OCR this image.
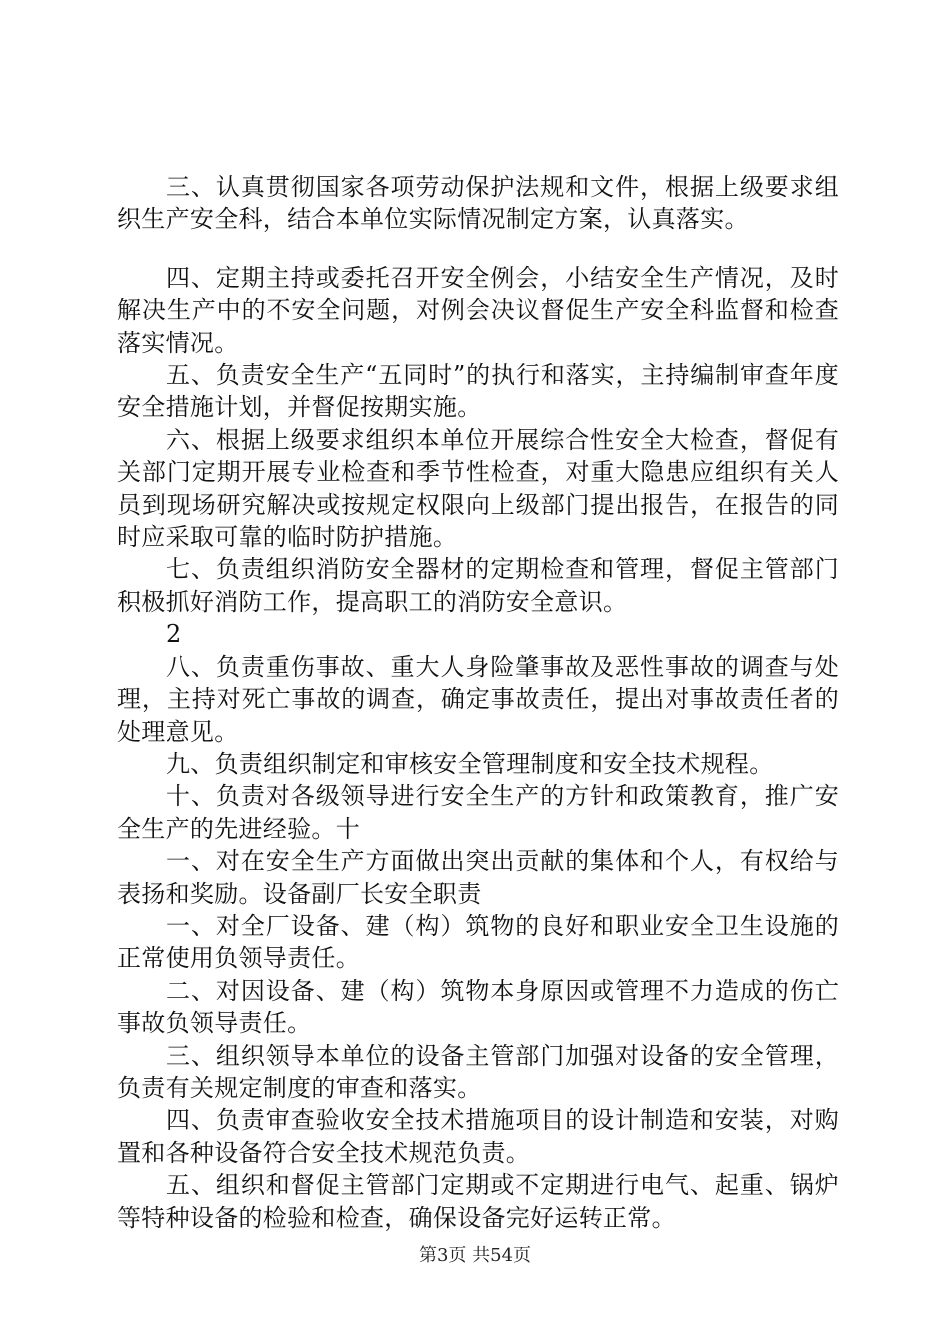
三、认真贯彻国家各项劳动保护法规和文件，根据上级要求组织生产安全科，结合本单位实际情况制定方案，认真落实。

四、定期主持或委托召开安全例会，小结安全生产情况，及时解决生产中的不安全问题，对例会决议督促生产安全科监督和检查落实情况。

五、负责安全生产“五同时”的执行和落实，主持编制审查年度安全措施计划，并督促按期实施。

六、根据上级要求组织本单位开展综合性安全大检查，督促有关部门定期开展专业检查和季节性检查，对重大隐患应组织有关人员到现场研究解决或按规定权限向上级部门提出报告，在报告的同时应采取可靠的临时防护措施。

七、负责组织消防安全器材的定期检查和管理，督促主管部门积极抓好消防工作，提高职工的消防安全意识。

2

八、负责重伤事故、重大人身险肇事故及恶性事故的调查与处理，主持对死亡事故的调查，确定事故责任，提出对事故责任者的处理意见。

九、负责组织制定和审核安全管理制度和安全技术规程。

十、负责对各级领导进行安全生产的方针和政策教育，推广安全生产的先进经验。十

一、对在安全生产方面做出突出贡献的集体和个人，有权给与表扬和奖励。设备副厂长安全职责

一、对全厂设备、建（构）筑物的良好和职业安全卫生设施的正常使用负领导责任。

二、对因设备、建（构）筑物本身原因或管理不力造成的伤亡事故负领导责任。

三、组织领导本单位的设备主管部门加强对设备的安全管理，负责有关规定制度的审查和落实。

四、负责审查验收安全技术措施项目的设计制造和安装，对购置和各种设备符合安全技术规范负责。

五、组织和督促主管部门定期或不定期进行电气、起重、锅炉等特种设备的检验和检查，确保设备完好运转正常。

第3页 共54页
